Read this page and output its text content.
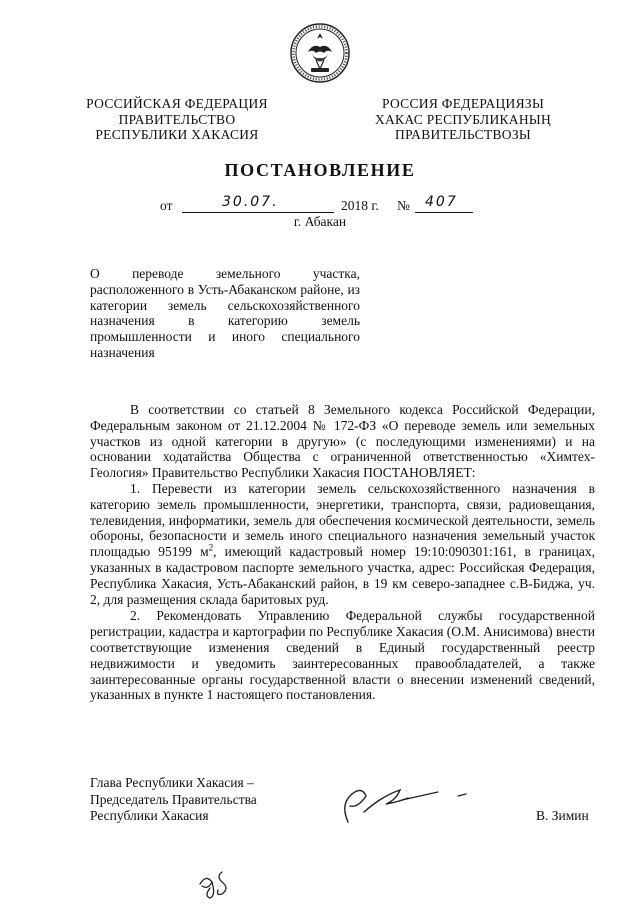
РОССИЙСКАЯ ФЕДЕРАЦИЯ
ПРАВИТЕЛЬСТВО
РЕСПУБЛИКИ ХАКАСИЯ
РОССИЯ ФЕДЕРАЦИЯЗЫ
ХАКАС РЕСПУБЛИКАНЫҢ
ПРАВИТЕЛЬСТВОЗЫ
ПОСТАНОВЛЕНИЕ
от	30.07.	2018 г. № 407
г. Абакан
О переводе земельного участка, расположенного в Усть-Абаканском районе, из категории земель сельскохозяйственного назначения в категорию земель промышленности и иного специального назначения

В соответствии со статьей 8 Земельного кодекса Российской Федерации, Федеральным законом от 21.12.2004 № 172-ФЗ «О переводе земель или земельных участков из одной категории в другую» (с последующими изменениями) и на основании ходатайства Общества с ограниченной ответственностью «Химтех-Геология» Правительство Республики Хакасия ПОСТАНОВЛЯЕТ:

1. Перевести из категории земель сельскохозяйственного назначения в категорию земель промышленности, энергетики, транспорта, связи, радиовещания, телевидения, информатики, земель для обеспечения космической деятельности, земель обороны, безопасности и земель иного специального назначения земельный участок площадью 95199 $м^2$, имеющий кадастровый номер 19:10:090301:161, в границах, указанных в кадастровом паспорте земельного участка, адрес: Российская Федерация, Республика Хакасия, Усть-Абаканский район, в 19 км северо-западнее с.В-Биджа, уч. 2, для размещения склада баритовых руд.

2. Рекомендовать Управлению Федеральной службы государственной регистрации, кадастра и картографии по Республике Хакасия (О.М. Анисимова) внести соответствующие изменения сведений в Единый государственный реестр недвижимости и уведомить заинтересованных правообладателей, а также заинтересованные органы государственной власти о внесении изменений сведений, указанных в пункте 1 настоящего постановления.

Глава Республики Хакасия –
Председатель Правительства
Республики Хакасия	В. Зимин
